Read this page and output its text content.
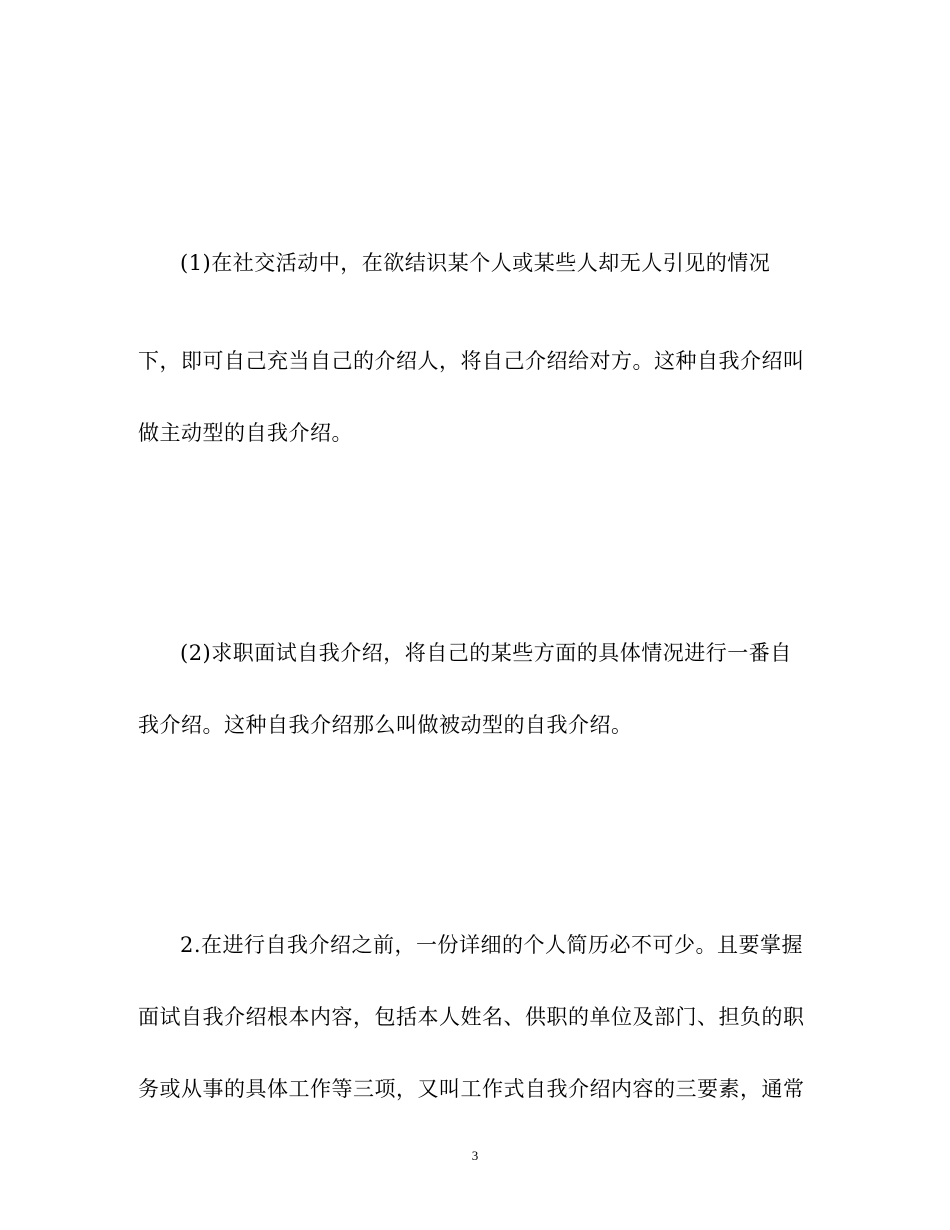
(1)在社交活动中，在欲结识某个人或某些人却无人引见的情况
下，即可自己充当自己的介绍人，将自己介绍给对方。这种自我介绍叫
做主动型的自我介绍。
(2)求职面试自我介绍，将自己的某些方面的具体情况进行一番自
我介绍。这种自我介绍那么叫做被动型的自我介绍。
2.在进行自我介绍之前，一份详细的个人简历必不可少。且要掌握
面试自我介绍根本内容，包括本人姓名、供职的单位及部门、担负的职
务或从事的具体工作等三项，又叫工作式自我介绍内容的三要素，通常
3
